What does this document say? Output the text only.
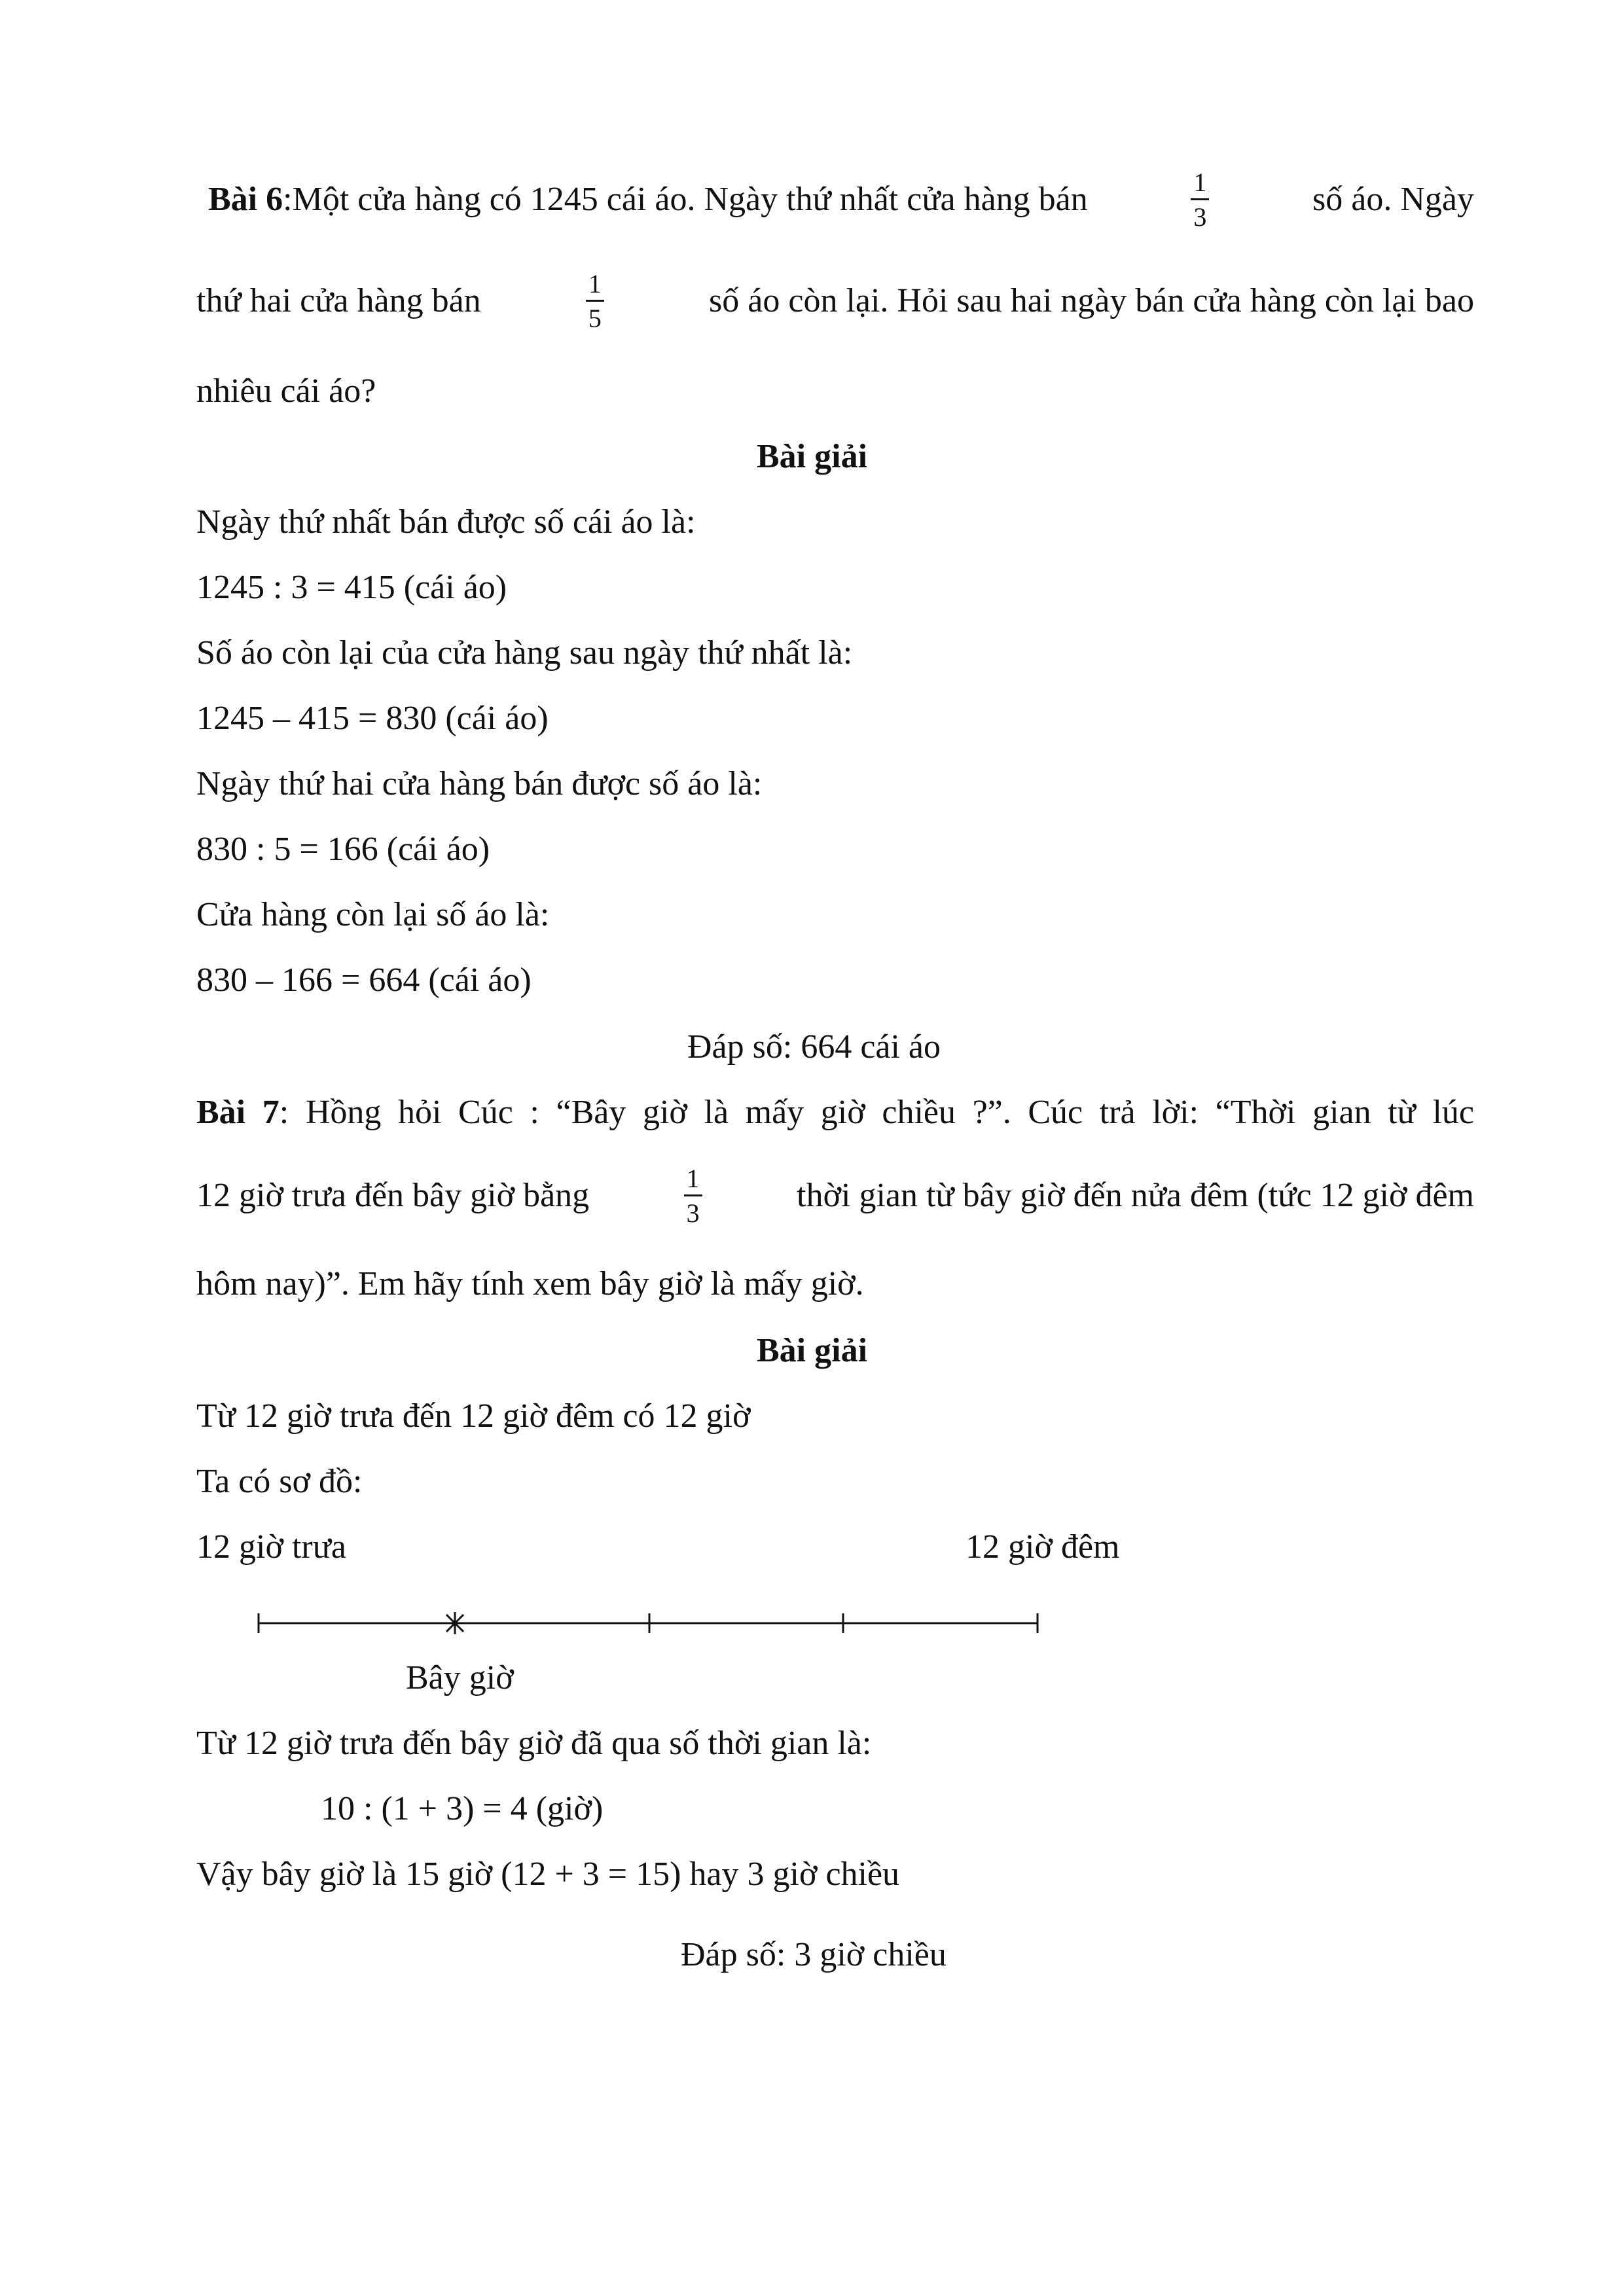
Bài 6:Một cửa hàng có 1245 cái áo. Ngày thứ nhất cửa hàng bán	$\frac{1}{3}$	số áo. Ngày
thứ hai cửa hàng bán	$\frac{1}{5}$	số áo còn lại. Hỏi sau hai ngày bán cửa hàng còn lại bao
nhiêu cái áo?
Bài giải
Ngày thứ nhất bán được số cái áo là:
1245 : 3 = 415 (cái áo)
Số áo còn lại của cửa hàng sau ngày thứ nhất là:
1245 – 415 = 830 (cái áo)
Ngày thứ hai cửa hàng bán được số áo là:
830 : 5 = 166 (cái áo)
Cửa hàng còn lại số áo là:
830 – 166 = 664 (cái áo)
Đáp số: 664 cái áo
Bài 7: Hồng hỏi Cúc : “Bây giờ là mấy giờ chiều ?”. Cúc trả lời: “Thời gian từ lúc
12 giờ trưa đến bây giờ bằng	$\frac{1}{3}$	thời gian từ bây giờ đến nửa đêm (tức 12 giờ đêm
hôm nay)”. Em hãy tính xem bây giờ là mấy giờ.
Bài giải
Từ 12 giờ trưa đến 12 giờ đêm có 12 giờ
Ta có sơ đồ:
12 giờ trưa	12 giờ đêm
Bây giờ
Từ 12 giờ trưa đến bây giờ đã qua số thời gian là:
10 : (1 + 3) = 4 (giờ)
Vậy bây giờ là 15 giờ (12 + 3 = 15) hay 3 giờ chiều
Đáp số: 3 giờ chiều
